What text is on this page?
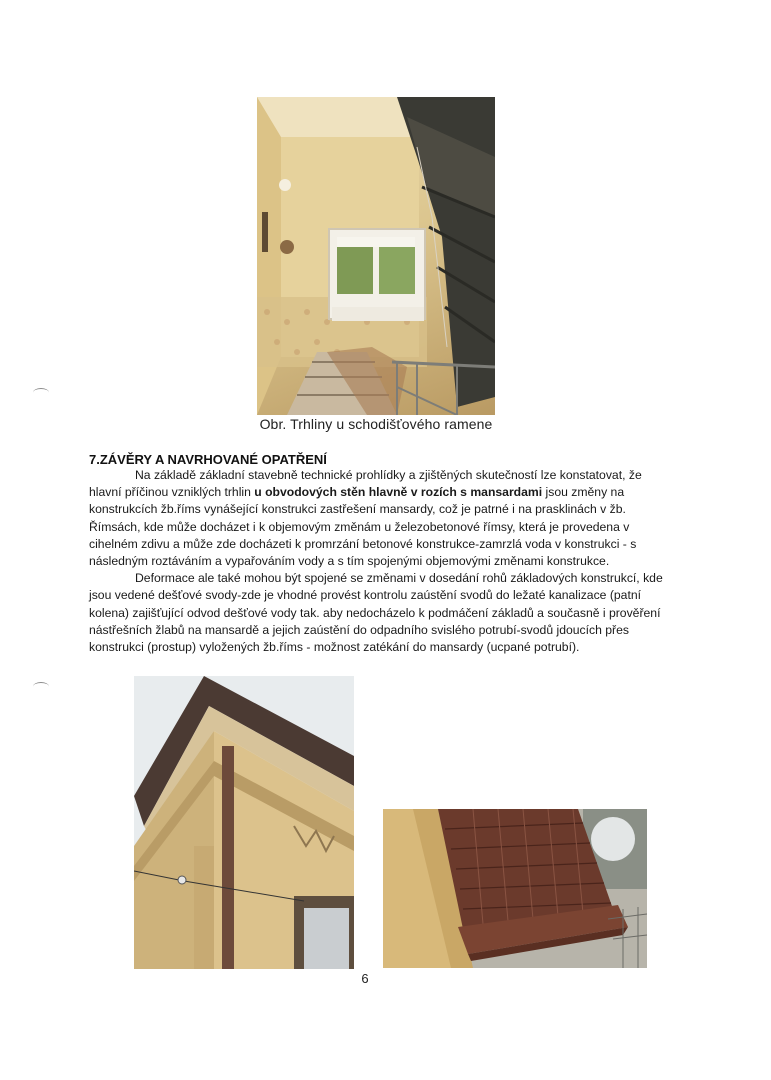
Obr. Trhliny u schodišťového ramene
7.ZÁVĚRY A NAVRHOVANÉ OPATŘENÍ

Na základě základní stavebně technické prohlídky a zjištěných skutečností lze konstatovat, že hlavní příčinou vzniklých trhlin u obvodových stěn hlavně v rozích s mansardami jsou změny na konstrukcích žb.říms vynášející konstrukci zastřešení mansardy, což je patrné i na prasklinách v žb. Římsách, kde může docházet i k objemovým změnám u železobetonové římsy, která je provedena v cihelném zdivu a může zde docházeti k promrzání betonové konstrukce-zamrzlá voda v konstrukci - s následným roztáváním a vypařováním vody a s tím spojenými objemovými změnami konstrukce.

Deformace ale také mohou být spojené se změnami v dosedání rohů základových konstrukcí, kde jsou vedené dešťové svody-zde je vhodné provést kontrolu zaústění svodů do ležaté kanalizace (patní kolena) zajišťující odvod dešťové vody tak. aby nedocházelo k podmáčení základů a současně i prověření nástřešních žlabů na mansardě a jejich zaústění do odpadního svislého potrubí-svodů jdoucích přes konstrukci (prostup) vyložených žb.říms - možnost zatékání do mansardy (ucpané potrubí).

6
